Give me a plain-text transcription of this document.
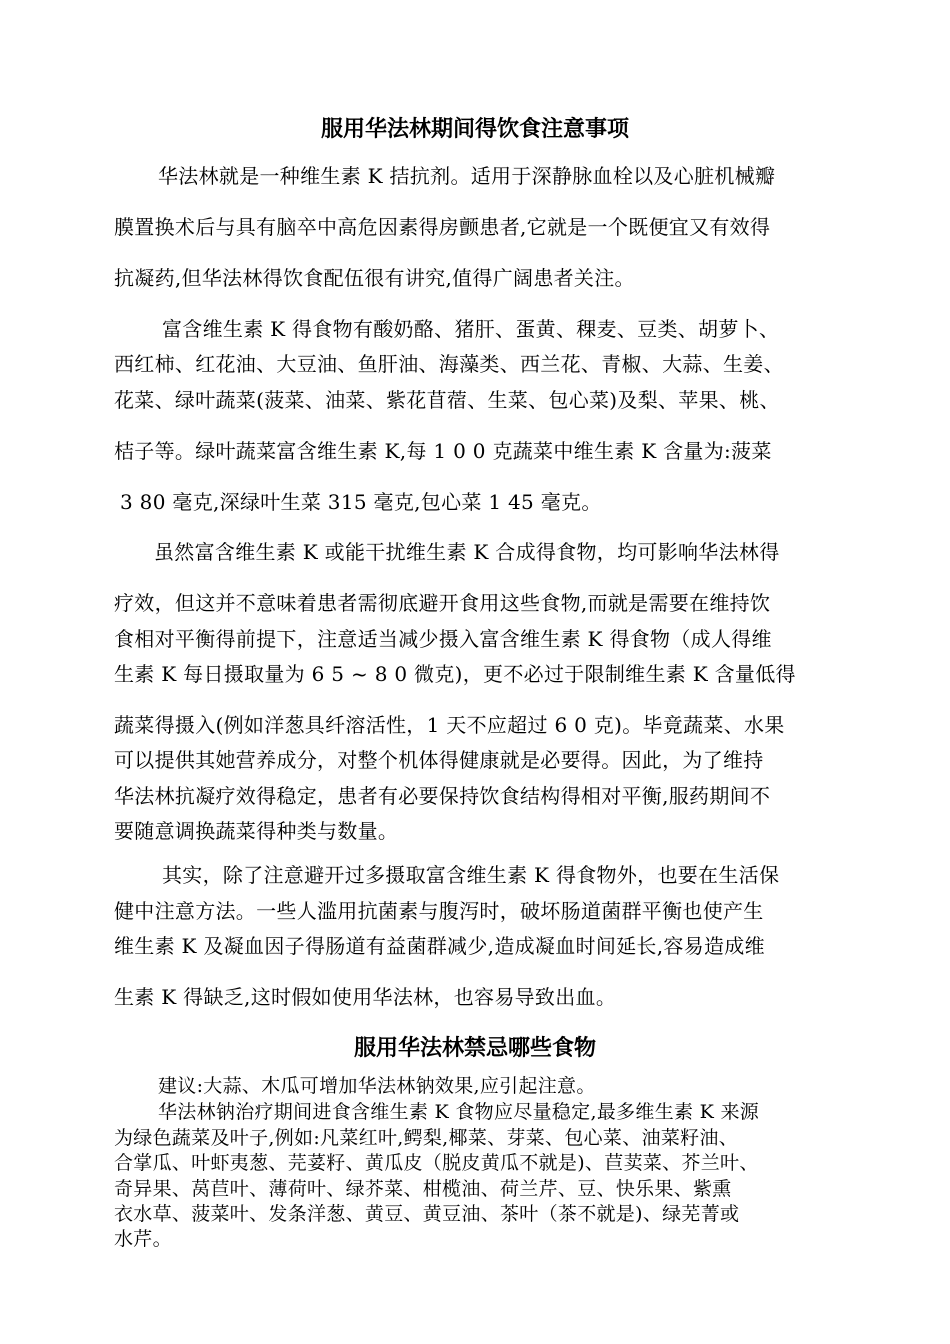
服用华法林期间得饮食注意事项
华法林就是一种维生素 K 拮抗剂。适用于深静脉血栓以及心脏机械瓣
膜置换术后与具有脑卒中高危因素得房颤患者,它就是一个既便宜又有效得
抗凝药,但华法林得饮食配伍很有讲究,值得广阔患者关注。
富含维生素 K 得食物有酸奶酪、猪肝、蛋黄、稞麦、豆类、胡萝卜、
西红柿、红花油、大豆油、鱼肝油、海藻类、西兰花、青椒、大蒜、生姜、
花菜、绿叶蔬菜(菠菜、油菜、紫花苜蓿、生菜、包心菜)及梨、苹果、桃、
桔子等。绿叶蔬菜富含维生素 K,每 1 0 0 克蔬菜中维生素 K 含量为:菠菜
3 80 毫克,深绿叶生菜 315 毫克,包心菜 1 45 毫克。
虽然富含维生素 K 或能干扰维生素 K 合成得食物，均可影响华法林得
疗效，但这并不意味着患者需彻底避开食用这些食物,而就是需要在维持饮
食相对平衡得前提下，注意适当减少摄入富含维生素 K 得食物（成人得维
生素 K 每日摄取量为 6 5 ~ 8 0 微克)，更不必过于限制维生素 K 含量低得
蔬菜得摄入(例如洋葱具纤溶活性，1 天不应超过 6 0 克)。毕竟蔬菜、水果
可以提供其她营养成分，对整个机体得健康就是必要得。因此，为了维持
华法林抗凝疗效得稳定，患者有必要保持饮食结构得相对平衡,服药期间不
要随意调换蔬菜得种类与数量。
其实，除了注意避开过多摄取富含维生素 K 得食物外，也要在生活保
健中注意方法。一些人滥用抗菌素与腹泻时，破坏肠道菌群平衡也使产生
维生素 K 及凝血因子得肠道有益菌群减少,造成凝血时间延长,容易造成维
生素 K 得缺乏,这时假如使用华法林，也容易导致出血。
服用华法林禁忌哪些食物
建议:大蒜、木瓜可增加华法林钠效果,应引起注意。
华法林钠治疗期间进食含维生素 K 食物应尽量稳定,最多维生素 K 来源
为绿色蔬菜及叶子,例如:凡菜红叶,鳄梨,椰菜、芽菜、包心菜、油菜籽油、
合掌瓜、叶虾夷葱、芫荽籽、黄瓜皮（脱皮黄瓜不就是)、苣荬菜、芥兰叶、
奇异果、莴苣叶、薄荷叶、绿芥菜、柑榄油、荷兰芹、豆、快乐果、紫熏
衣水草、菠菜叶、发条洋葱、黄豆、黄豆油、茶叶（茶不就是)、绿芜菁或
水芹。
